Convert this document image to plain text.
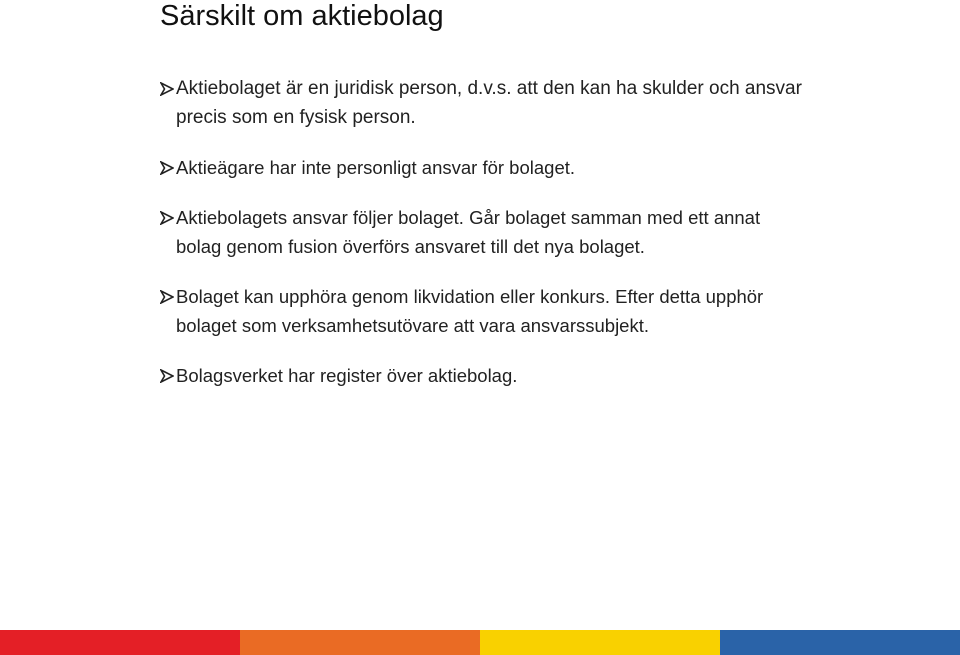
Särskilt om aktiebolag
Aktiebolaget är en juridisk person, d.v.s. att den kan ha skulder och ansvar precis som en fysisk person.
Aktieägare har inte personligt ansvar för bolaget.
Aktiebolagets ansvar följer bolaget. Går bolaget samman med ett annat bolag genom fusion överförs ansvaret till det nya bolaget.
Bolaget kan upphöra genom likvidation eller konkurs. Efter detta upphör bolaget som verksamhetsutövare att vara ansvarssubjekt.
Bolagsverket har register över aktiebolag.
